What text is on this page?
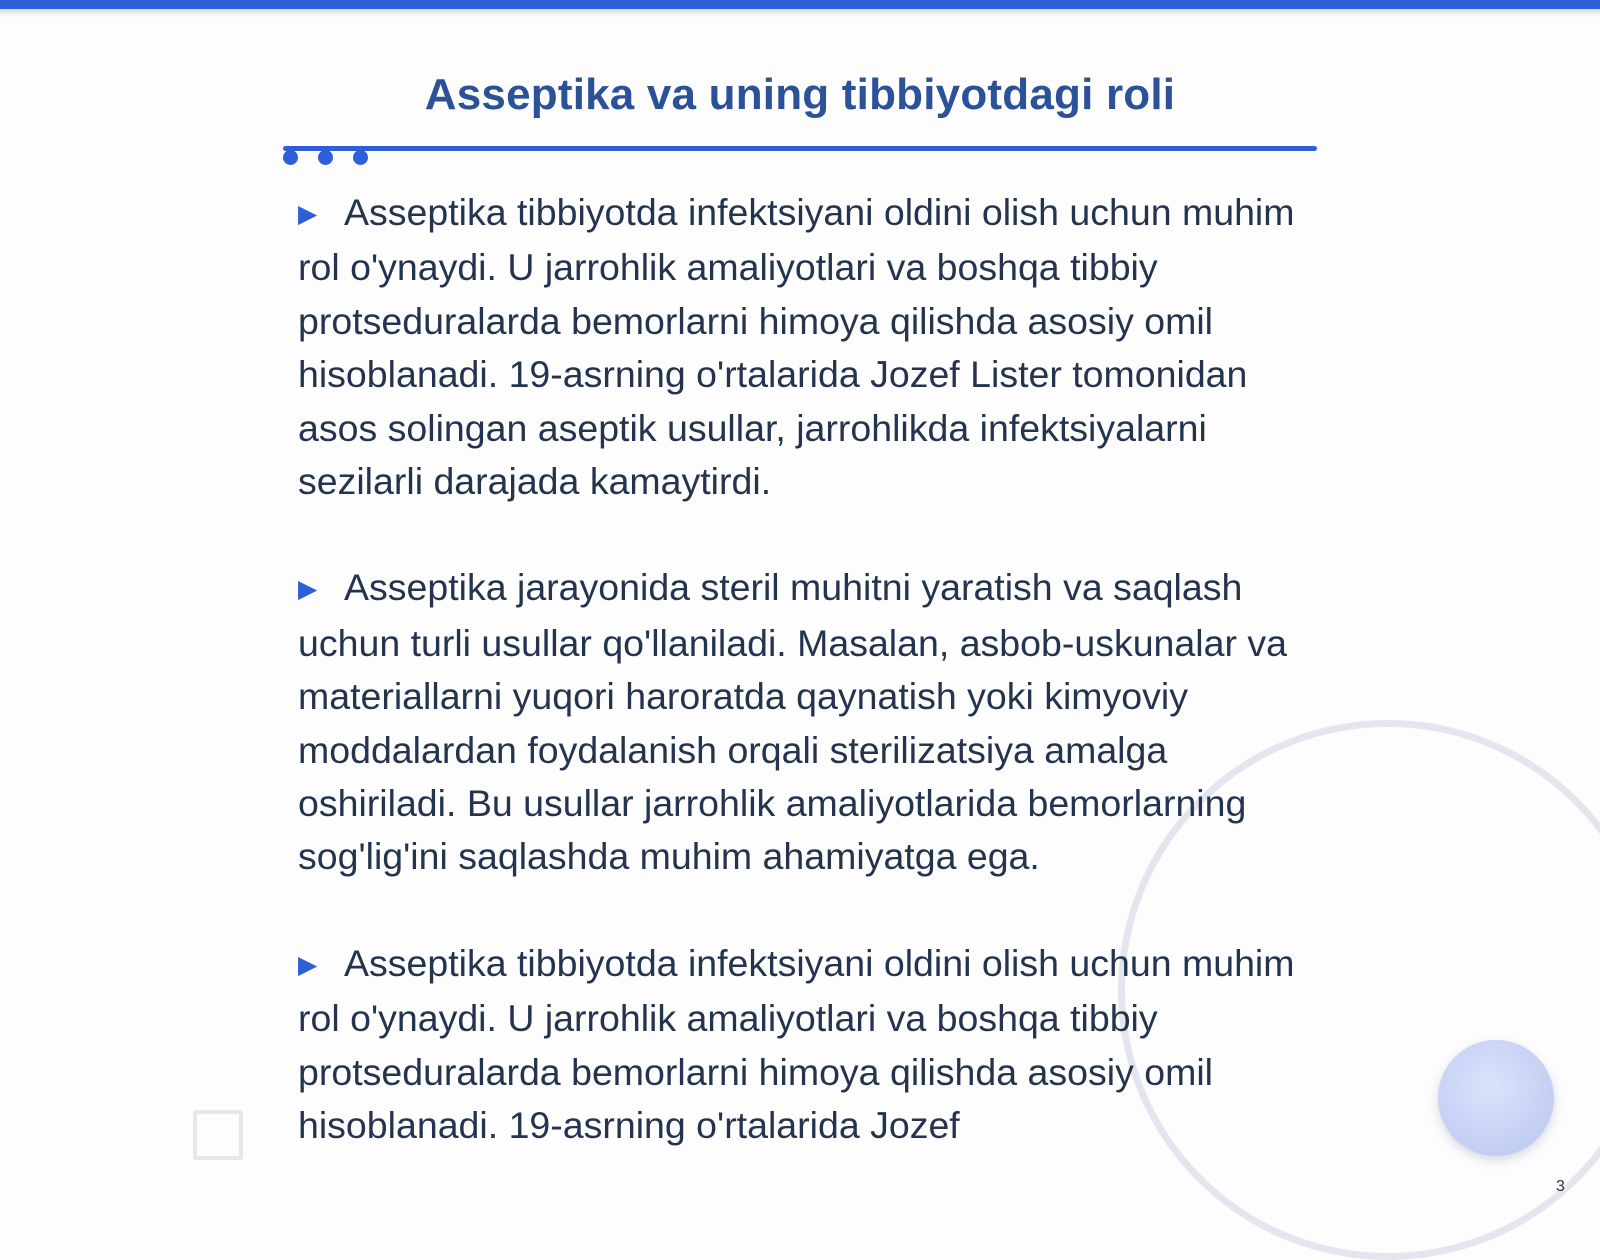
Asseptika va uning tibbiyotdagi roli

▶ Asseptika tibbiyotda infektsiyani oldini olish uchun muhim rol o'ynaydi. U jarrohlik amaliyotlari va boshqa tibbiy protseduralarda bemorlarni himoya qilishda asosiy omil hisoblanadi. 19-asrning o'rtalarida Jozef Lister tomonidan asos solingan aseptik usullar, jarrohlikda infektsiyalarni sezilarli darajada kamaytirdi.

▶ Asseptika jarayonida steril muhitni yaratish va saqlash uchun turli usullar qo'llaniladi. Masalan, asbob-uskunalar va materiallarni yuqori haroratda qaynatish yoki kimyoviy moddalardan foydalanish orqali sterilizatsiya amalga oshiriladi. Bu usullar jarrohlik amaliyotlarida bemorlarning sog'lig'ini saqlashda muhim ahamiyatga ega.

▶ Asseptika tibbiyotda infektsiyani oldini olish uchun muhim rol o'ynaydi. U jarrohlik amaliyotlari va boshqa tibbiy protseduralarda bemorlarni himoya qilishda asosiy omil hisoblanadi. 19-asrning o'rtalarida Jozef

3
